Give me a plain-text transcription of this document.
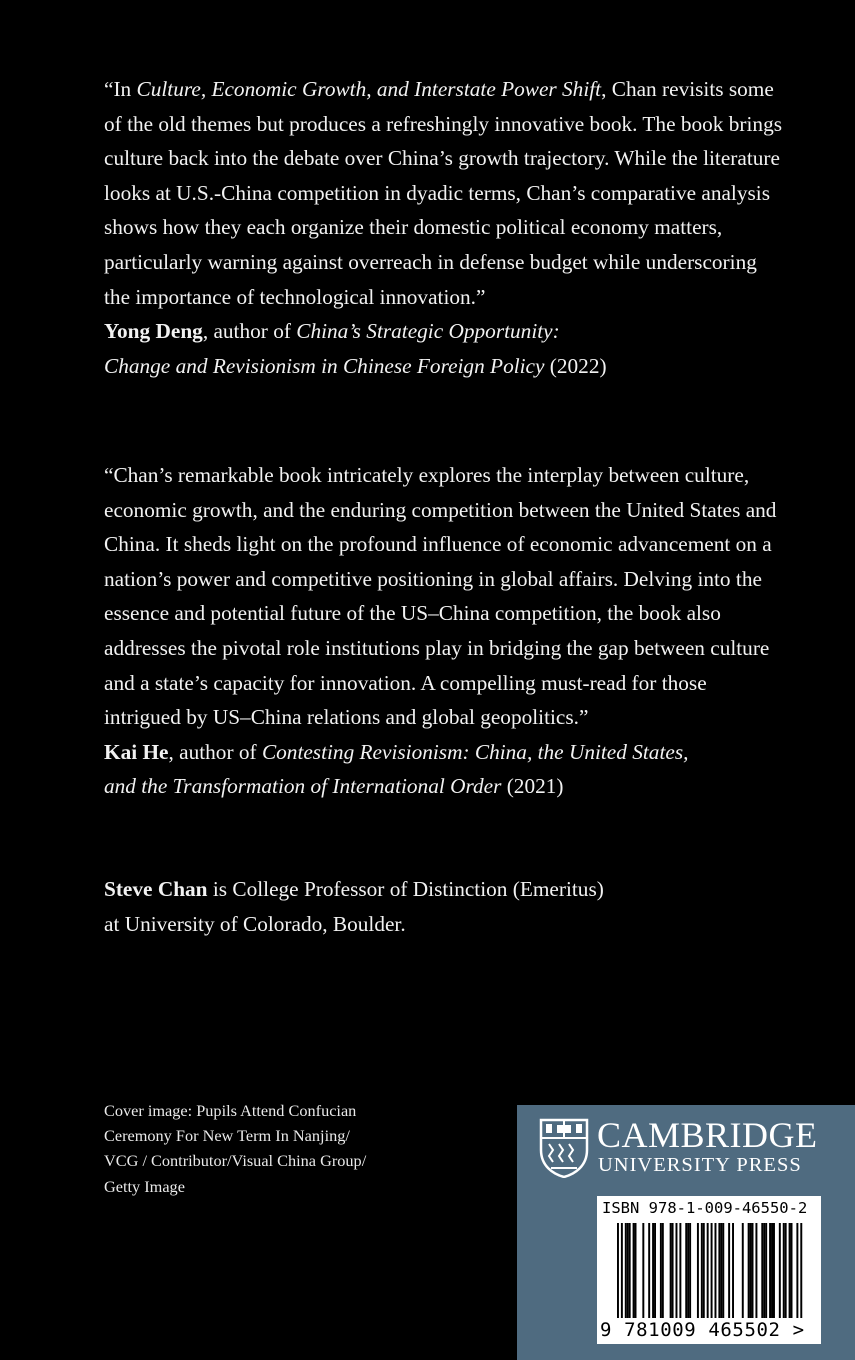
“In Culture, Economic Growth, and Interstate Power Shift, Chan revisits some of the old themes but produces a refreshingly innovative book. The book brings culture back into the debate over China’s growth trajectory. While the literature looks at U.S.-China competition in dyadic terms, Chan’s comparative analysis shows how they each organize their domestic political economy matters, particularly warning against overreach in defense budget while underscoring the importance of technological innovation.”
Yong Deng, author of China’s Strategic Opportunity:
Change and Revisionism in Chinese Foreign Policy (2022)

“Chan’s remarkable book intricately explores the interplay between culture, economic growth, and the enduring competition between the United States and China. It sheds light on the profound influence of economic advancement on a nation’s power and competitive positioning in global affairs. Delving into the essence and potential future of the US–China competition, the book also addresses the pivotal role institutions play in bridging the gap between culture and a state’s capacity for innovation. A compelling must-read for those intrigued by US–China relations and global geopolitics.”
Kai He, author of Contesting Revisionism: China, the United States,
and the Transformation of International Order (2021)

Steve Chan is College Professor of Distinction (Emeritus)
at University of Colorado, Boulder.

Cover image: Pupils Attend Confucian
Ceremony For New Term In Nanjing/
VCG / Contributor/Visual China Group/
Getty Image

CAMBRIDGE
UNIVERSITY PRESS
ISBN 978-1-009-46550-2
9 781009 465502 >
